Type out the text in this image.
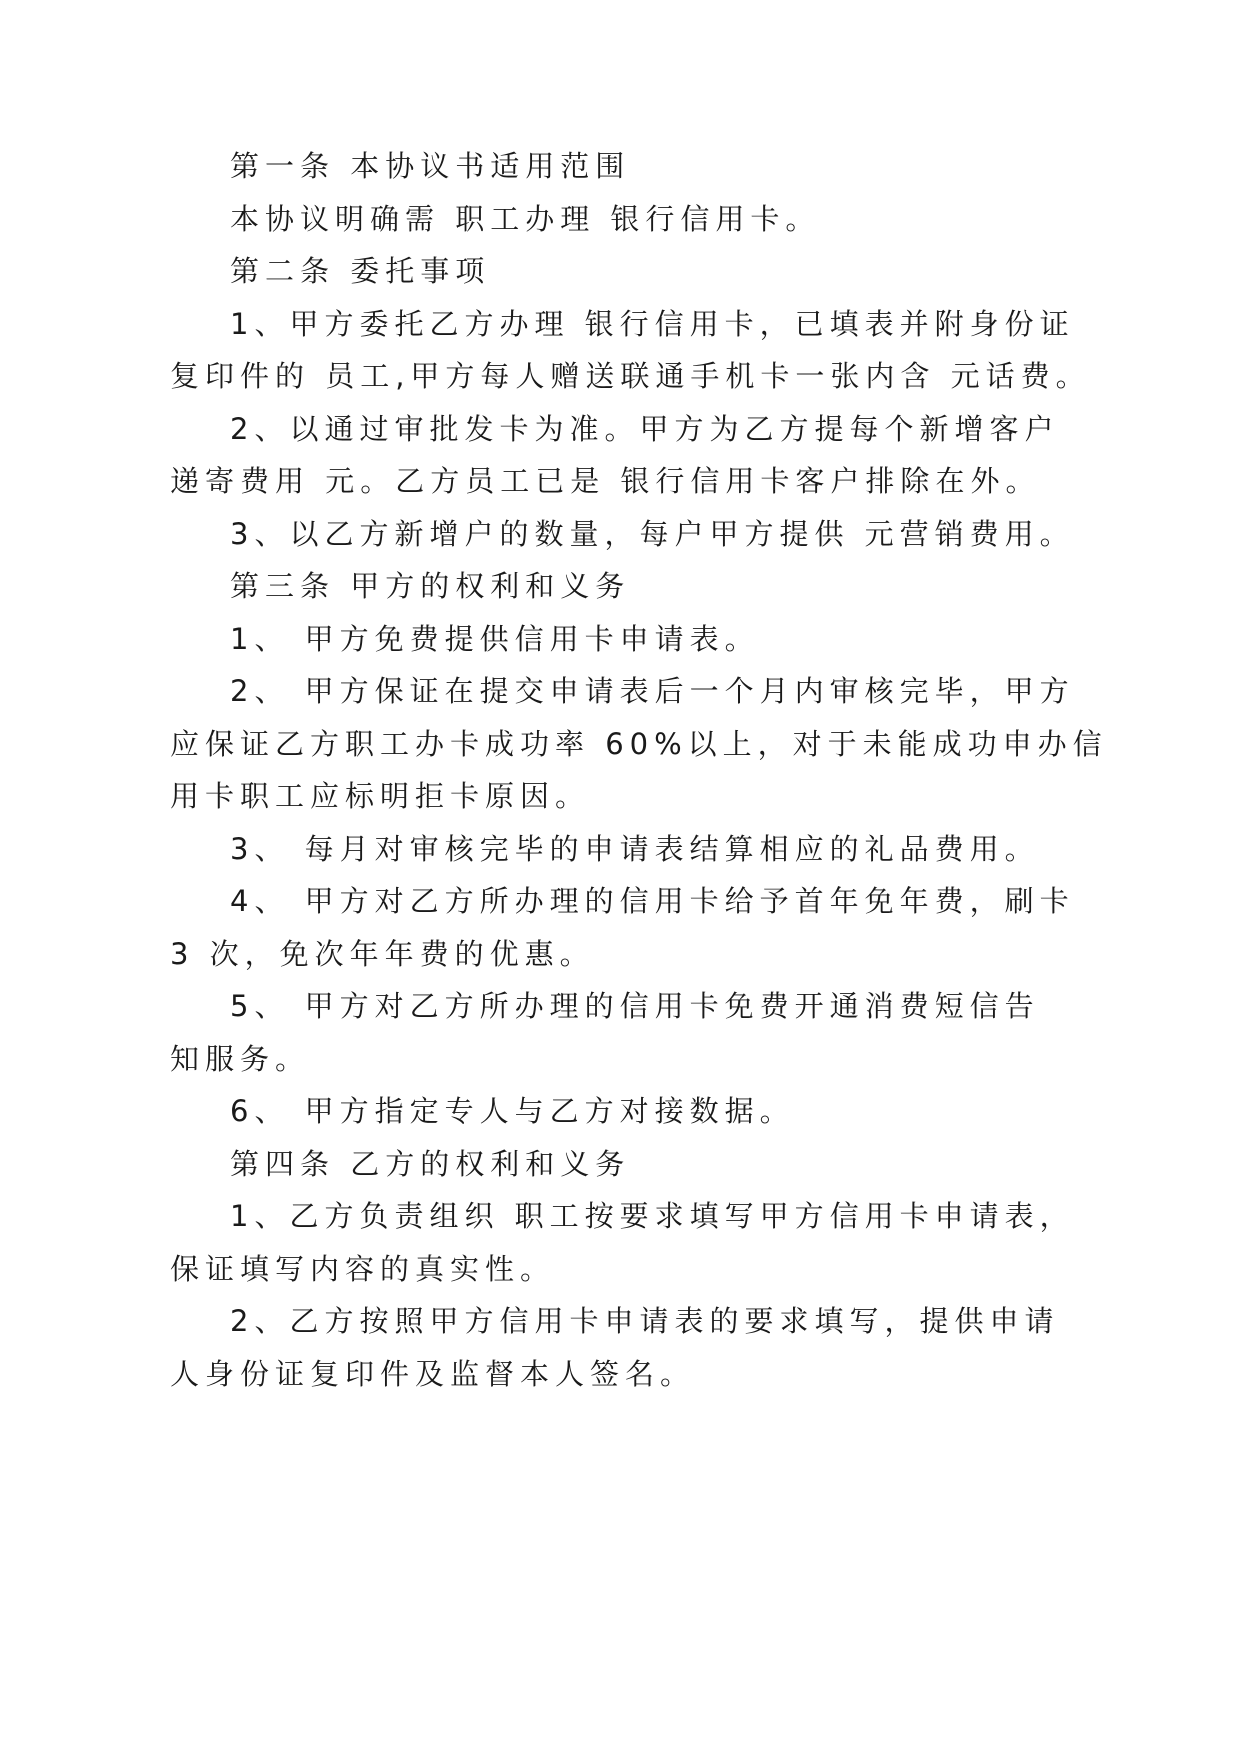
第一条 本协议书适用范围
本协议明确需 职工办理 银行信用卡。
第二条 委托事项
1、甲方委托乙方办理 银行信用卡，已填表并附身份证
复印件的 员工,甲方每人赠送联通手机卡一张内含 元话费。
2、以通过审批发卡为准。甲方为乙方提每个新增客户
递寄费用 元。乙方员工已是 银行信用卡客户排除在外。
3、以乙方新增户的数量，每户甲方提供 元营销费用。
第三条 甲方的权利和义务
1、 甲方免费提供信用卡申请表。
2、 甲方保证在提交申请表后一个月内审核完毕，甲方
应保证乙方职工办卡成功率 60%以上，对于未能成功申办信
用卡职工应标明拒卡原因。
3、 每月对审核完毕的申请表结算相应的礼品费用。
4、 甲方对乙方所办理的信用卡给予首年免年费，刷卡
3 次，免次年年费的优惠。
5、 甲方对乙方所办理的信用卡免费开通消费短信告
知服务。
6、 甲方指定专人与乙方对接数据。
第四条 乙方的权利和义务
1、乙方负责组织 职工按要求填写甲方信用卡申请表，
保证填写内容的真实性。
2、乙方按照甲方信用卡申请表的要求填写，提供申请
人身份证复印件及监督本人签名。
